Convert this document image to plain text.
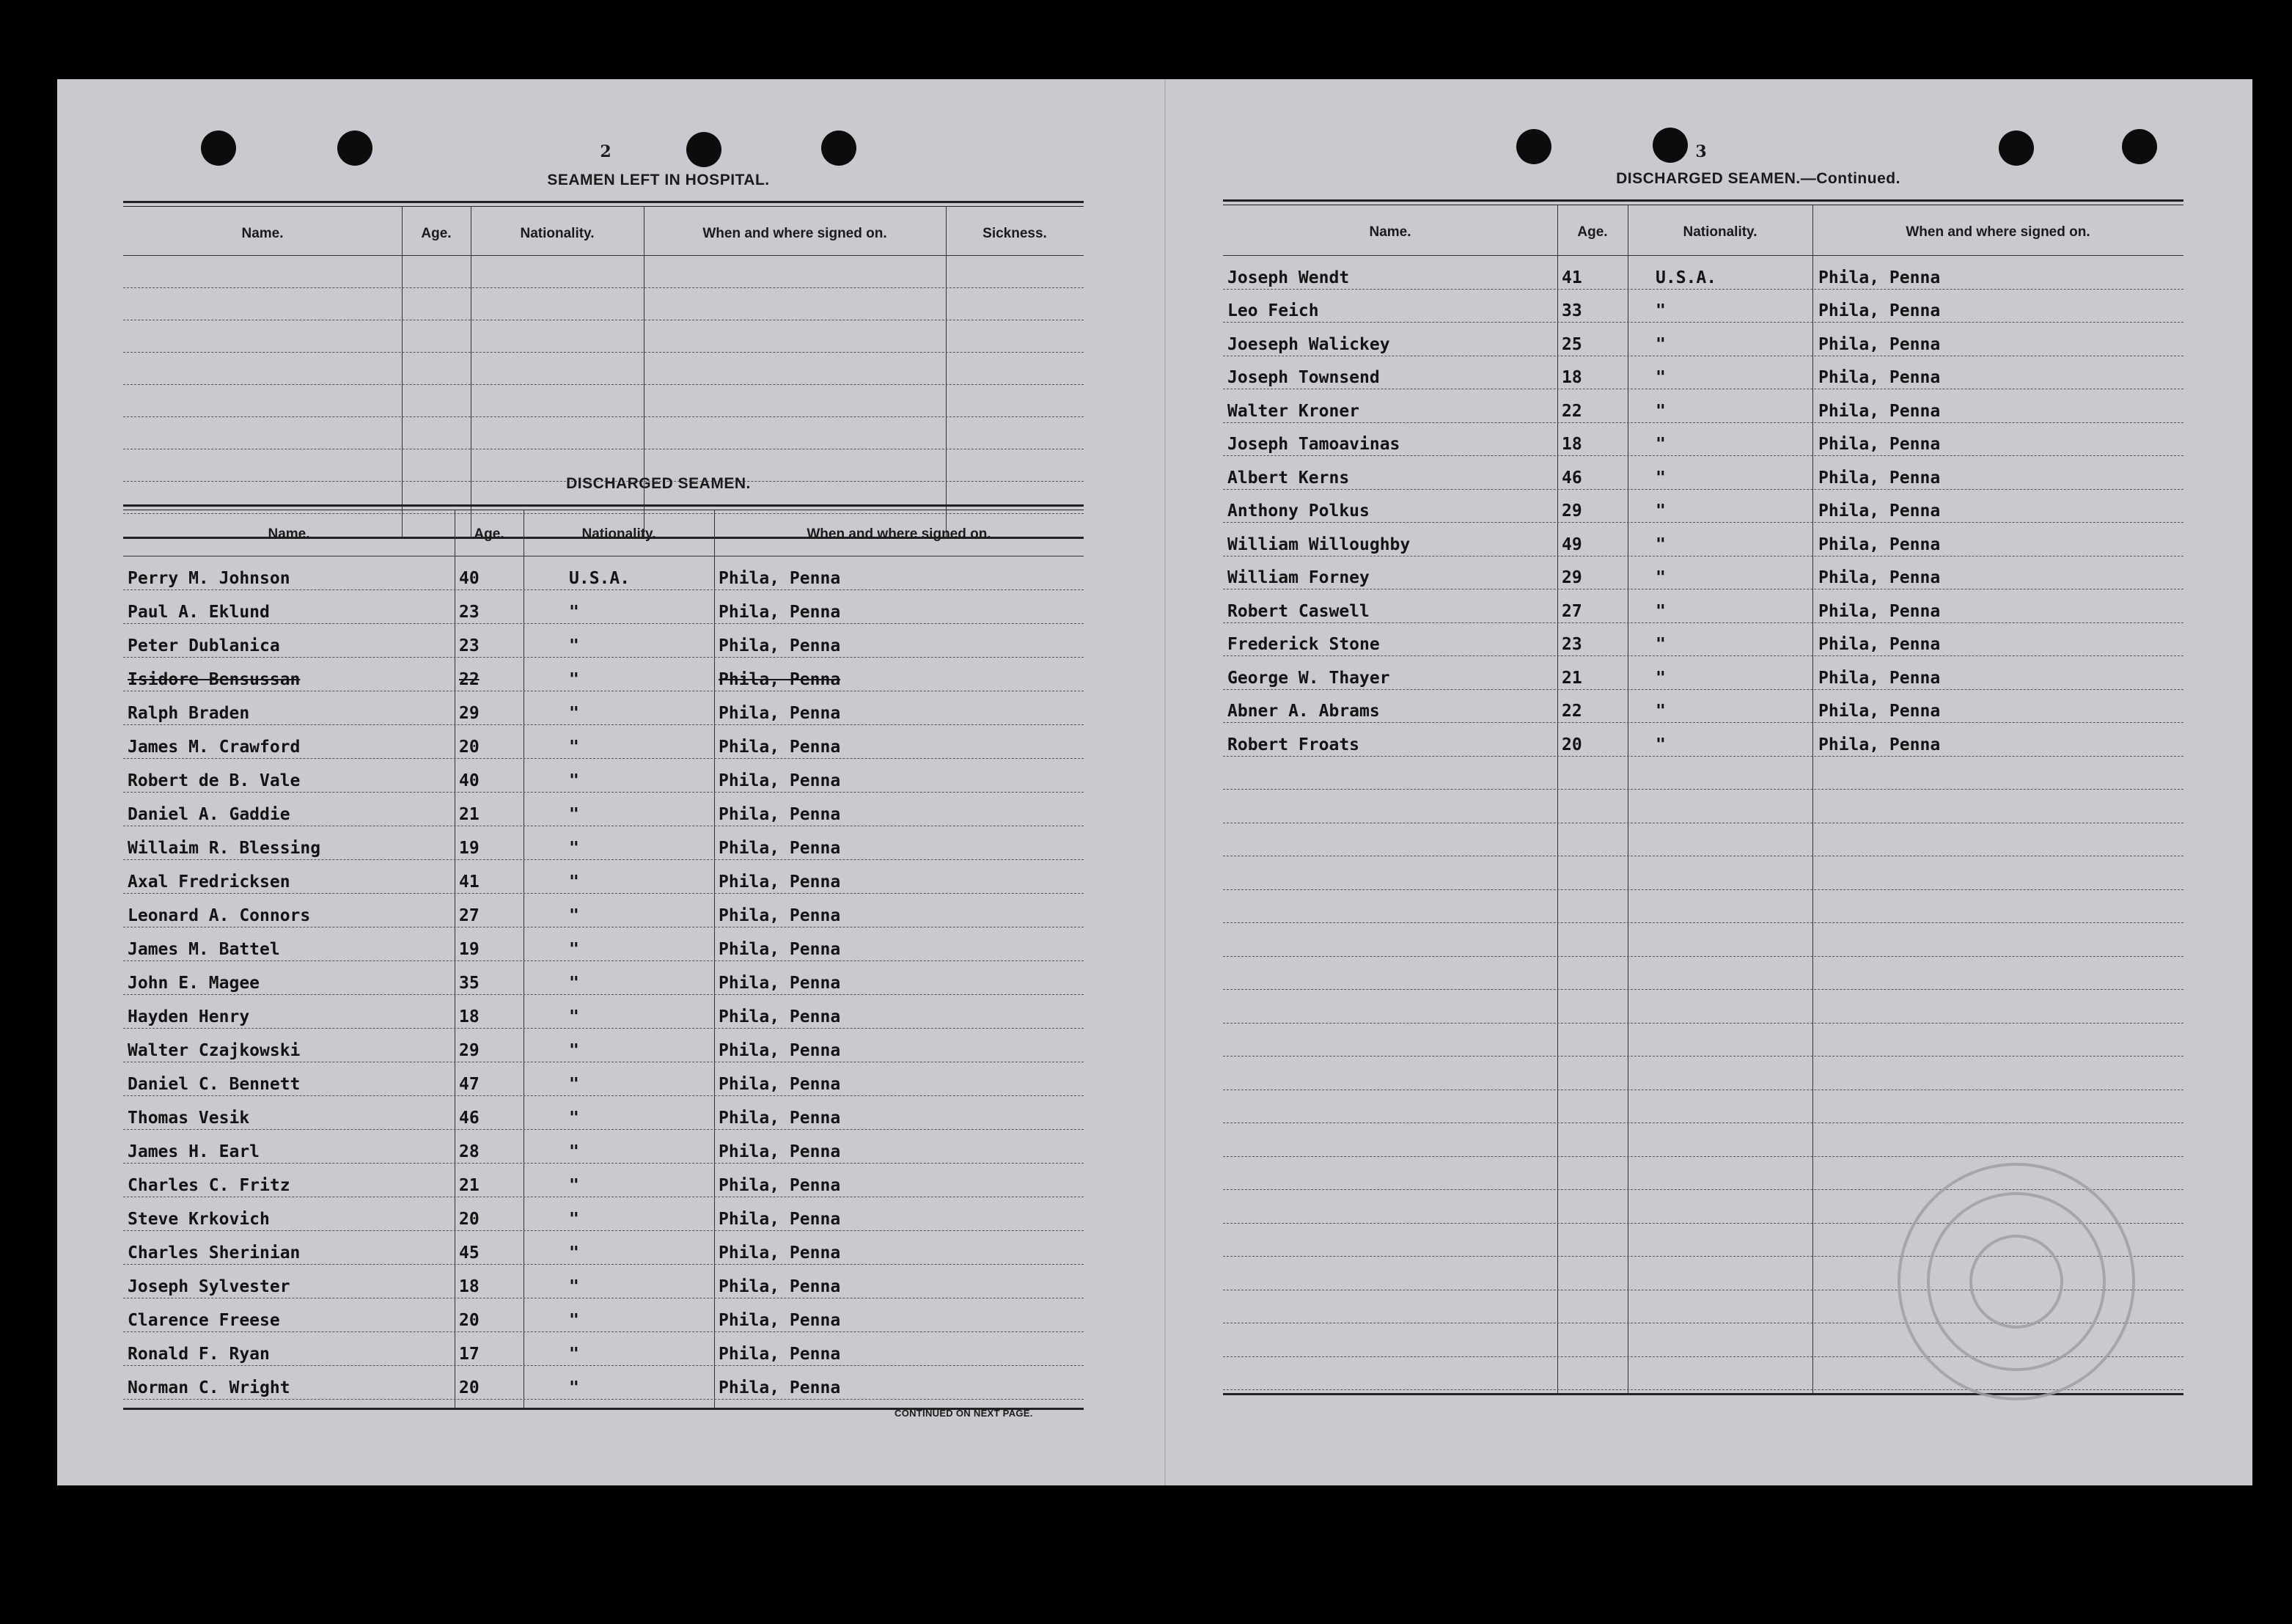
2
SEAMEN LEFT IN HOSPITAL.
Name.	Age.	Nationality.	When and where signed on.	Sickness.
DISCHARGED SEAMEN.
Name.	Age.	Nationality.	When and where signed on.
Perry M. Johnson	40	U.S.A.	Phila, Penna
Paul A. Eklund	23	"	Phila, Penna
Peter Dublanica	23	"	Phila, Penna
Isidore Bensussan	22	"	Phila, Penna
Ralph Braden	29	"	Phila, Penna
James M. Crawford	20	"	Phila, Penna
Robert de B. Vale	40	"	Phila, Penna
Daniel A. Gaddie	21	"	Phila, Penna
Willaim R. Blessing	19	"	Phila, Penna
Axal Fredricksen	41	"	Phila, Penna
Leonard A. Connors	27	"	Phila, Penna
James M. Battel	19	"	Phila, Penna
John E. Magee	35	"	Phila, Penna
Hayden Henry	18	"	Phila, Penna
Walter Czajkowski	29	"	Phila, Penna
Daniel C. Bennett	47	"	Phila, Penna
Thomas Vesik	46	"	Phila, Penna
James H. Earl	28	"	Phila, Penna
Charles C. Fritz	21	"	Phila, Penna
Steve Krkovich	20	"	Phila, Penna
Charles Sherinian	45	"	Phila, Penna
Joseph Sylvester	18	"	Phila, Penna
Clarence Freese	20	"	Phila, Penna
Ronald F. Ryan	17	"	Phila, Penna
Norman C. Wright	20	"	Phila, Penna
CONTINUED ON NEXT PAGE.
3
DISCHARGED SEAMEN.—Continued.
Name.	Age.	Nationality.	When and where signed on.
Joseph Wendt	41	U.S.A.	Phila, Penna
Leo Feich	33	"	Phila, Penna
Joeseph Walickey	25	"	Phila, Penna
Joseph Townsend	18	"	Phila, Penna
Walter Kroner	22	"	Phila, Penna
Joseph Tamoavinas	18	"	Phila, Penna
Albert Kerns	46	"	Phila, Penna
Anthony Polkus	29	"	Phila, Penna
William Willoughby	49	"	Phila, Penna
William Forney	29	"	Phila, Penna
Robert Caswell	27	"	Phila, Penna
Frederick Stone	23	"	Phila, Penna
George W. Thayer	21	"	Phila, Penna
Abner A. Abrams	22	"	Phila, Penna
Robert Froats	20	"	Phila, Penna
